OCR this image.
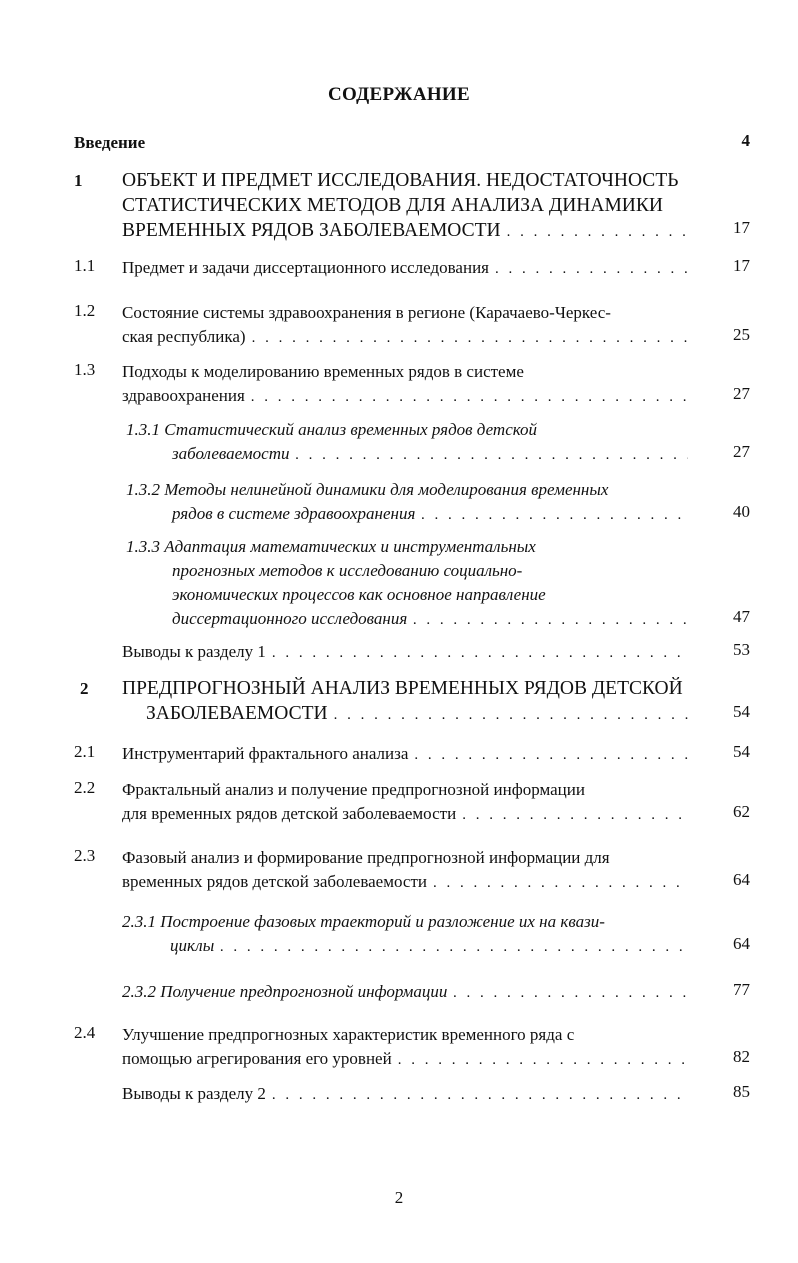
СОДЕРЖАНИЕ
Введение	4
1 ОБЪЕКТ И ПРЕДМЕТ ИССЛЕДОВАНИЯ. НЕДОСТАТОЧНОСТЬ
СТАТИСТИЧЕСКИХ МЕТОДОВ ДЛЯ АНАЛИЗА ДИНАМИКИ
ВРЕМЕННЫХ РЯДОВ ЗАБОЛЕВАЕМОСТИ
. . .	17
1.1 Предмет и задачи диссертационного исследования . . .	17
1.2 Состояние системы здравоохранения в регионе (Карачаево-Черкес-
ская республика) . . .	25
1.3 Подходы к моделированию временных рядов в системе
здравоохранения . . .	27
1.3.1 Статистический анализ временных рядов детской
заболеваемости . . .	27
1.3.2 Методы нелинейной динамики для моделирования временных
рядов в системе здравоохранения . . .	40
1.3.3 Адаптация математических и инструментальных
прогнозных методов к исследованию социально-
экономических процессов как основное направление
диссертационного исследования . . .	47
Выводы к разделу 1 . . .	53
2 ПРЕДПРОГНОЗНЫЙ АНАЛИЗ ВРЕМЕННЫХ РЯДОВ ДЕТСКОЙ
ЗАБОЛЕВАЕМОСТИ
. . .	54
2.1 Инструментарий фрактального анализа . . .	54
2.2 Фрактальный анализ и получение предпрогнозной информации
для временных рядов детской заболеваемости . . .	62
2.3 Фазовый анализ и формирование предпрогнозной информации для
временных рядов детской заболеваемости . . .	64
2.3.1 Построение фазовых траекторий и разложение их на квази-
циклы . . .	64
2.3.2 Получение предпрогнозной информации . . .	77
2.4 Улучшение предпрогнозных характеристик временного ряда с
помощью агрегирования его уровней . . .	82
Выводы к разделу 2 . . .	85
2
